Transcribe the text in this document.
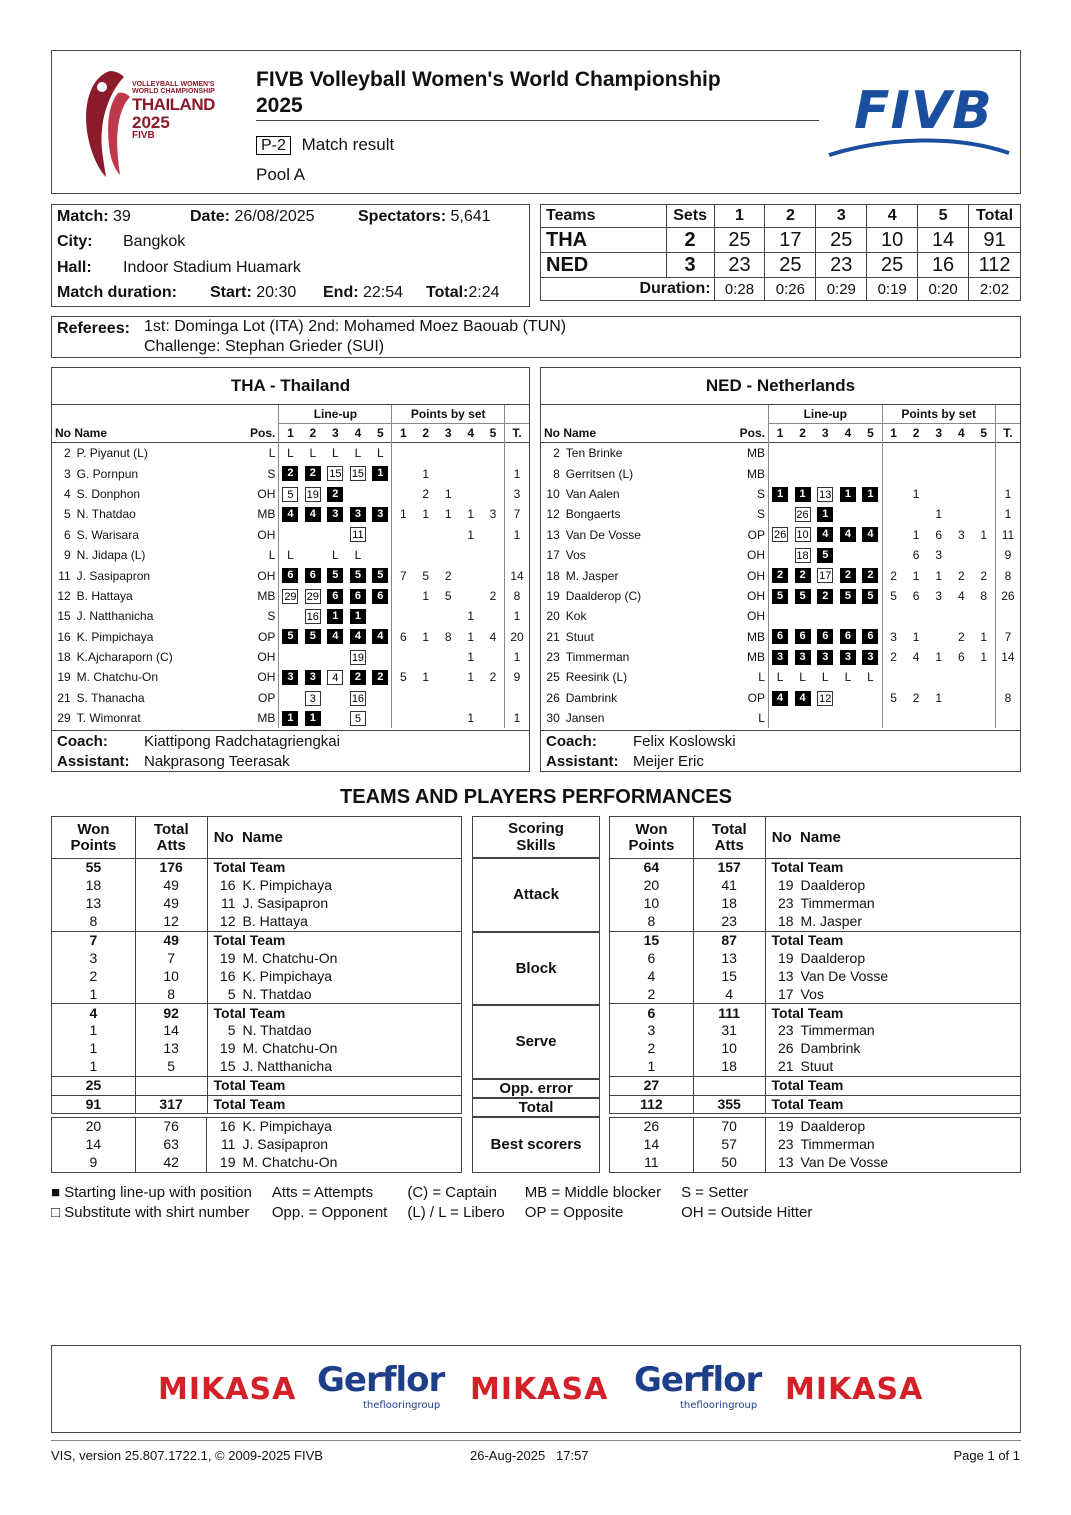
VOLLEYBALL WOMEN'S
WORLD CHAMPIONSHIP
THAILAND
2025
FIVB
FIVB Volleyball Women's World Championship
2025
P-2 Match result
Pool A
FIVB
Match: 39	Date: 26/08/2025	Spectators: 5,641
City: Bangkok
Hall: Indoor Stadium Huamark
Match duration: Start: 20:30 End: 22:54 Total:2:24
Teams	Sets	1	2	3	4	5	Total
THA	2	25	17	25	10	14	91
NED	3	23	25	23	25	16	112
Duration:		0:28	0:26	0:29	0:19	0:20	2:02
Referees: 1st: Dominga Lot (ITA) 2nd: Mohamed Moez Baouab (TUN)
Challenge: Stephan Grieder (SUI)
THA - Thailand
			Line-up					Points by set					
No Name		Pos.	1	2	3	4	5	1	2	3	4	5	T.
2	P. Piyanut (L)	L	L	L	L	L	L						
3	G. Pornpun	S	2	2	15	15	1		1				1
4	S. Donphon	OH	5	19	2				2	1			3
5	N. Thatdao	MB	4	4	3	3	3	1	1	1	1	3	7
6	S. Warisara	OH				11					1		1
9	N. Jidapa (L)	L	L		L	L							
11	J. Sasipapron	OH	6	6	5	5	5	7	5	2			14
12	B. Hattaya	MB	29	29	6	6	6		1	5		2	8
15	J. Natthanicha	S		16	1	1					1		1
16	K. Pimpichaya	OP	5	5	4	4	4	6	1	8	1	4	20
18	K.Ajcharaporn (C)	OH				19					1		1
19	M. Chatchu-On	OH	3	3	4	2	2	5	1		1	2	9
21	S. Thanacha	OP		3		16							
29	T. Wimonrat	MB	1	1		5					1		1
Coach: Kiattipong Radchatagriengkai
Assistant: Nakprasong Teerasak
NED - Netherlands
			Line-up					Points by set					
No Name		Pos.	1	2	3	4	5	1	2	3	4	5	T.
2	Ten Brinke	MB											
8	Gerritsen (L)	MB											
10	Van Aalen	S	1	1	13	1	1		1				1
12	Bongaerts	S		26	1					1			1
13	Van De Vosse	OP	26	10	4	4	4		1	6	3	1	11
17	Vos	OH		18	5				6	3			9
18	M. Jasper	OH	2	2	17	2	2	2	1	1	2	2	8
19	Daalderop (C)	OH	5	5	2	5	5	5	6	3	4	8	26
20	Kok	OH											
21	Stuut	MB	6	6	6	6	6	3	1		2	1	7
23	Timmerman	MB	3	3	3	3	3	2	4	1	6	1	14
25	Reesink (L)	L	L	L	L	L	L						
26	Dambrink	OP	4	4	12			5	2	1			8
30	Jansen	L											
Coach: Felix Koslowski
Assistant: Meijer Eric
TEAMS AND PLAYERS PERFORMANCES
Won
Points

Total
Atts	No  Name	Won
Points

Total
Atts	No  Name
Scoring
Skills
55	176	Total Team
18	49	16 K. Pimpichaya
13	49	11 J. Sasipapron
8	12	12 B. Hattaya
7	49	Total Team
3	7	19 M. Chatchu-On
2	10	16 K. Pimpichaya
1	8	5 N. Thatdao
4	92	Total Team
1	14	5 N. Thatdao
1	13	19 M. Chatchu-On
1	5	15 J. Natthanicha
25		Total Team
91	317	Total Team
20	76	16 K. Pimpichaya
14	63	11 J. Sasipapron
9	42	19 M. Chatchu-On
64	157	Total Team
20	41	19 Daalderop
10	18	23 Timmerman
8	23	18 M. Jasper
15	87	Total Team
6	13	19 Daalderop
4	15	13 Van De Vosse
2	4	17 Vos
6	111	Total Team
3	31	23 Timmerman
2	10	26 Dambrink
1	18	21 Stuut
27		Total Team
112	355	Total Team
26	70	19 Daalderop
14	57	23 Timmerman
11	50	13 Van De Vosse
Attack
Block
Serve
Opp. error
Total
Best scorers
■ Starting line-up with position	Atts = Attempts	(C) = Captain	MB = Middle blocker	S = Setter
□ Substitute with shirt number	Opp. = Opponent	(L) / L = Libero	OP = Opposite	OH = Outside Hitter
MIKASA Gerflor
theflooringroup MIKASA Gerflor
theflooringroup MIKASA
VIS, version 25.807.1722.1, © 2009-2025 FIVB	26-Aug-2025   17:57	Page 1 of 1
